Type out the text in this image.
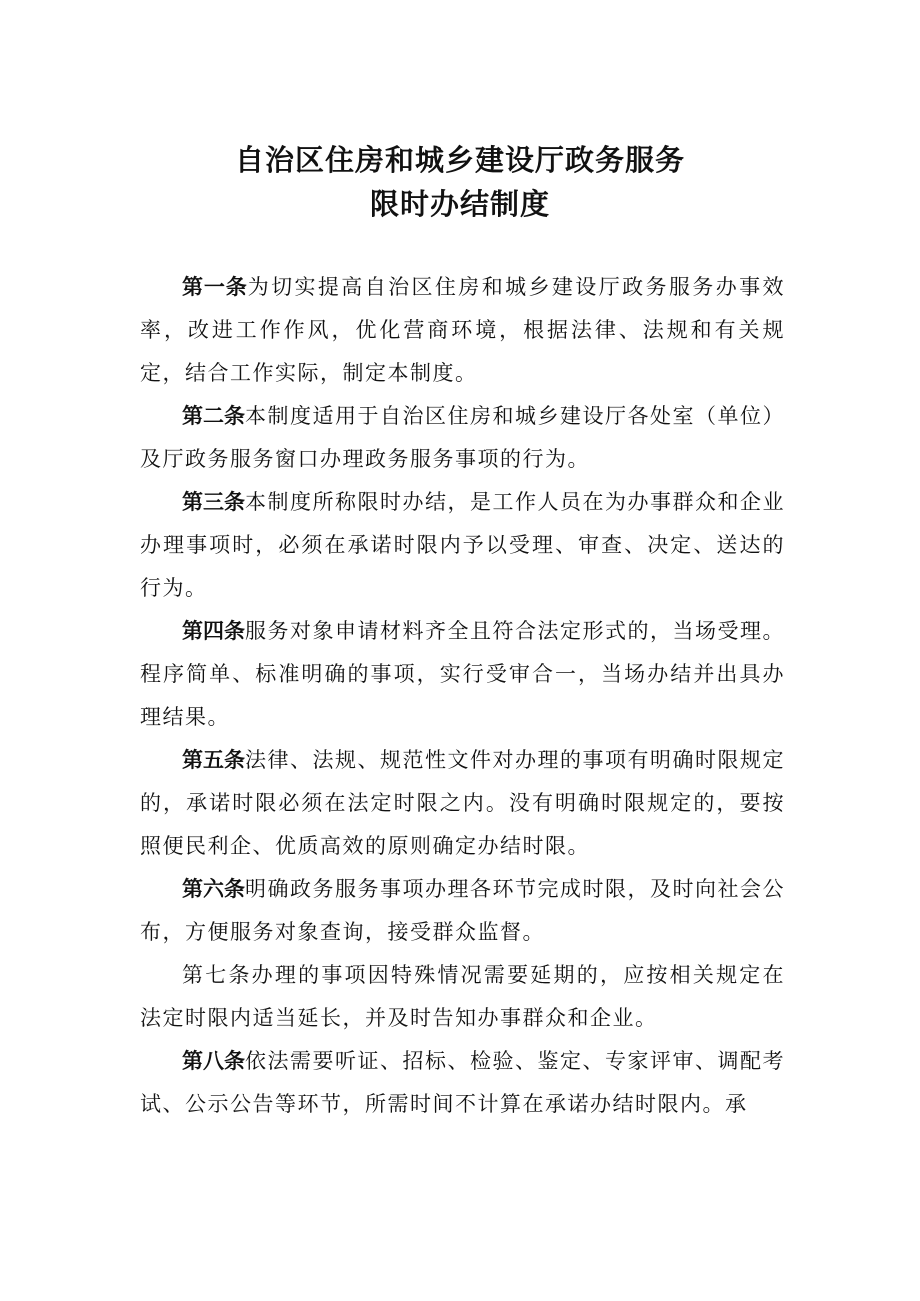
自治区住房和城乡建设厅政务服务
限时办结制度

第一条为切实提高自治区住房和城乡建设厅政务服务办事效率，改进工作作风，优化营商环境，根据法律、法规和有关规定，结合工作实际，制定本制度。

第二条本制度适用于自治区住房和城乡建设厅各处室（单位）及厅政务服务窗口办理政务服务事项的行为。

第三条本制度所称限时办结，是工作人员在为办事群众和企业办理事项时，必须在承诺时限内予以受理、审查、决定、送达的行为。

第四条服务对象申请材料齐全且符合法定形式的，当场受理。程序简单、标准明确的事项，实行受审合一，当场办结并出具办理结果。

第五条法律、法规、规范性文件对办理的事项有明确时限规定的，承诺时限必须在法定时限之内。没有明确时限规定的，要按照便民利企、优质高效的原则确定办结时限。

第六条明确政务服务事项办理各环节完成时限，及时向社会公布，方便服务对象查询，接受群众监督。

第七条办理的事项因特殊情况需要延期的，应按相关规定在法定时限内适当延长，并及时告知办事群众和企业。

第八条依法需要听证、招标、检验、鉴定、专家评审、调配考试、公示公告等环节，所需时间不计算在承诺办结时限内。承
